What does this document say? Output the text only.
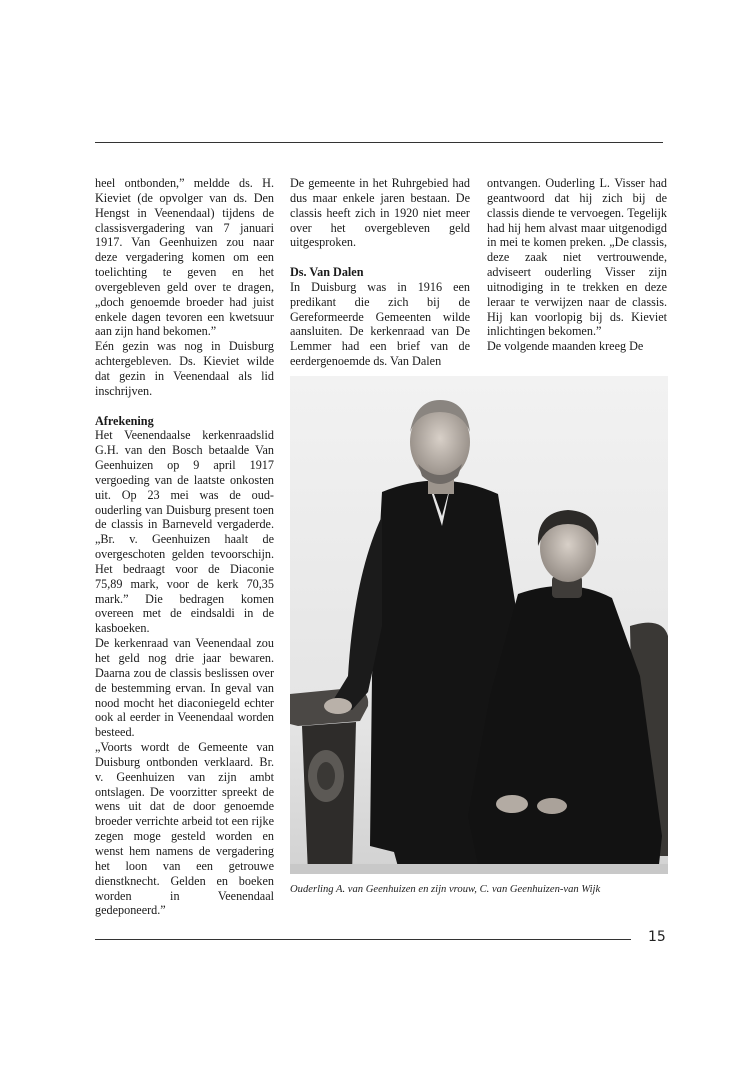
heel ontbonden,” meldde ds. H. Kieviet (de opvolger van ds. Den Hengst in Veenendaal) tijdens de classisvergadering van 7 januari 1917. Van Geenhuizen zou naar deze vergadering komen om een toelichting te geven en het overgebleven geld over te dragen, „doch genoemde broeder had juist enkele dagen tevoren een kwetsuur aan zijn hand bekomen.”

Eén gezin was nog in Duisburg achtergebleven. Ds. Kieviet wilde dat gezin in Veenendaal als lid inschrijven.

Afrekening

Het Veenendaalse kerkenraadslid G.H. van den Bosch betaalde Van Geenhuizen op 9 april 1917 vergoeding van de laatste onkosten uit. Op 23 mei was de oud-ouderling van Duisburg present toen de classis in Barneveld vergaderde. „Br. v. Geenhuizen haalt de overgeschoten gelden tevoorschijn. Het bedraagt voor de Diaconie 75,89 mark, voor de kerk 70,35 mark.” Die bedragen komen overeen met de eindsaldi in de kasboeken.

De kerkenraad van Veenendaal zou het geld nog drie jaar bewaren. Daarna zou de classis beslissen over de bestemming ervan. In geval van nood mocht het diaconiegeld echter ook al eerder in Veenendaal worden besteed.

„Voorts wordt de Gemeente van Duisburg ontbonden verklaard. Br. v. Geenhuizen van zijn ambt ontslagen. De voorzitter spreekt de wens uit dat de door genoemde broeder verrichte arbeid tot een rijke zegen moge gesteld worden en wenst hem namens de vergadering het loon van een getrouwe dienstknecht. Gelden en boeken worden in Veenendaal gedeponeerd.”

De gemeente in het Ruhrgebied had dus maar enkele jaren bestaan. De classis heeft zich in 1920 niet meer over het overgebleven geld uitgesproken.

Ds. Van Dalen

In Duisburg was in 1916 een predikant die zich bij de Gereformeerde Gemeenten wilde aansluiten. De kerkenraad van De Lemmer had een brief van de eerdergenoemde ds. Van Dalen

ontvangen. Ouderling L. Visser had geantwoord dat hij zich bij de classis diende te vervoegen. Tegelijk had hij hem alvast maar uitgenodigd in mei te komen preken. „De classis, deze zaak niet vertrouwende, adviseert ouderling Visser zijn uitnodiging in te trekken en deze leraar te verwijzen naar de classis. Hij kan voorlopig bij ds. Kieviet inlichtingen bekomen.”

De volgende maanden kreeg De

Ouderling A. van Geenhuizen en zijn vrouw, C. van Geenhuizen-van Wijk
15
